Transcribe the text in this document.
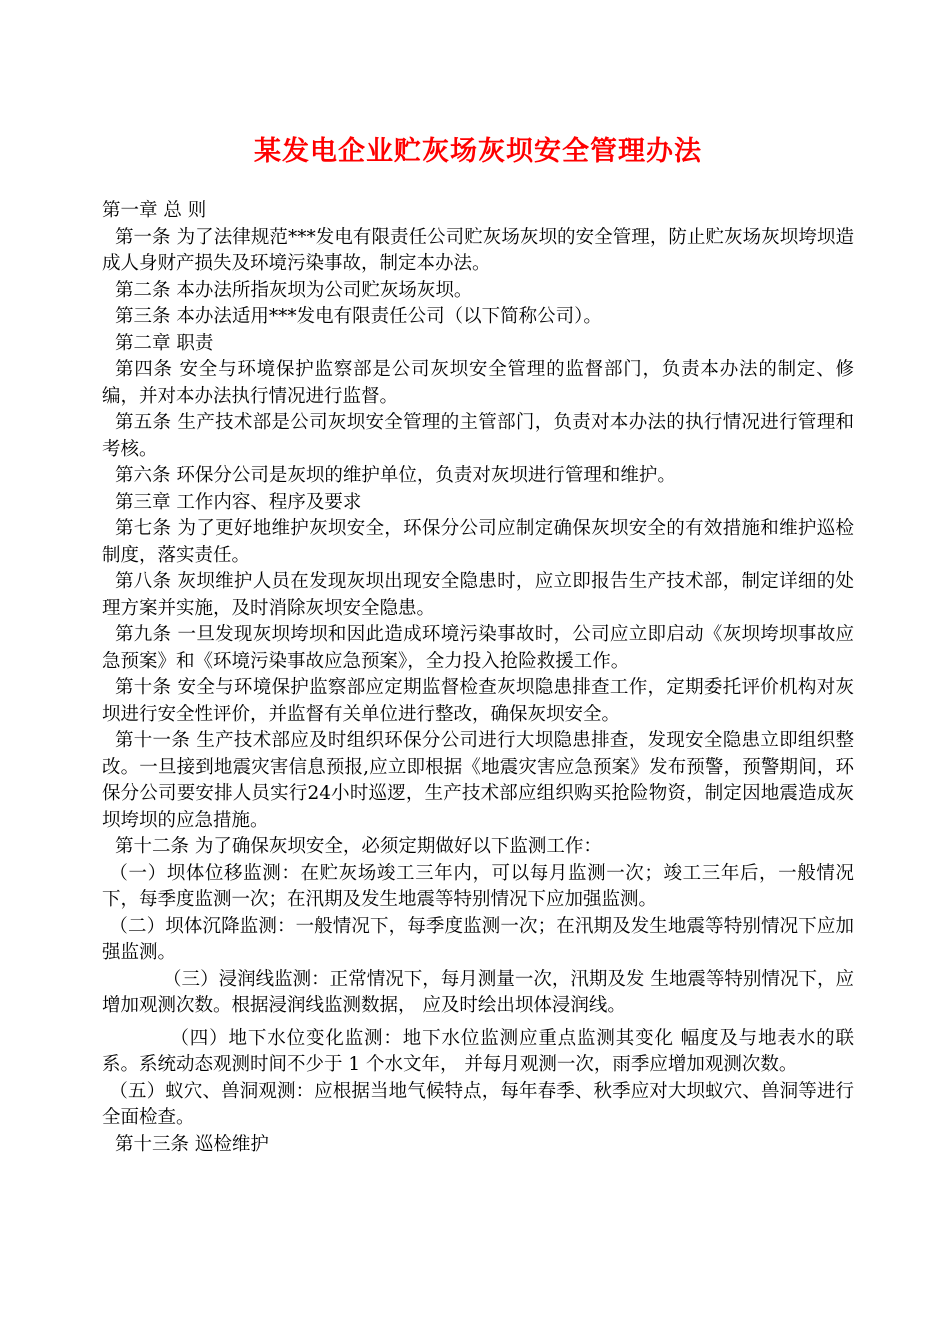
某发电企业贮灰场灰坝安全管理办法

第一章 总 则

第一条 为了法律规范***发电有限责任公司贮灰场灰坝的安全管理，防止贮灰场灰坝垮坝造成人身财产损失及环境污染事故，制定本办法。

第二条 本办法所指灰坝为公司贮灰场灰坝。

第三条 本办法适用***发电有限责任公司（以下简称公司）。

第二章 职责

第四条 安全与环境保护监察部是公司灰坝安全管理的监督部门，负责本办法的制定、修编，并对本办法执行情况进行监督。

第五条 生产技术部是公司灰坝安全管理的主管部门，负责对本办法的执行情况进行管理和考核。

第六条 环保分公司是灰坝的维护单位，负责对灰坝进行管理和维护。

第三章 工作内容、程序及要求

第七条 为了更好地维护灰坝安全，环保分公司应制定确保灰坝安全的有效措施和维护巡检制度，落实责任。

第八条 灰坝维护人员在发现灰坝出现安全隐患时，应立即报告生产技术部，制定详细的处理方案并实施，及时消除灰坝安全隐患。

第九条 一旦发现灰坝垮坝和因此造成环境污染事故时，公司应立即启动《灰坝垮坝事故应急预案》和《环境污染事故应急预案》，全力投入抢险救援工作。

第十条 安全与环境保护监察部应定期监督检查灰坝隐患排查工作，定期委托评价机构对灰坝进行安全性评价，并监督有关单位进行整改，确保灰坝安全。

第十一条 生产技术部应及时组织环保分公司进行大坝隐患排查，发现安全隐患立即组织整改。一旦接到地震灾害信息预报,应立即根据《地震灾害应急预案》发布预警，预警期间，环保分公司要安排人员实行24小时巡逻，生产技术部应组织购买抢险物资，制定因地震造成灰坝垮坝的应急措施。

第十二条 为了确保灰坝安全，必须定期做好以下监测工作：

（一）坝体位移监测：在贮灰场竣工三年内，可以每月监测一次；竣工三年后，一般情况下，每季度监测一次；在汛期及发生地震等特别情况下应加强监测。

（二）坝体沉降监测：一般情况下，每季度监测一次；在汛期及发生地震等特别情况下应加强监测。

（三）浸润线监测：正常情况下，每月测量一次，汛期及发 生地震等特别情况下，应增加观测次数。根据浸润线监测数据， 应及时绘出坝体浸润线。

（四）地下水位变化监测：地下水位监测应重点监测其变化 幅度及与地表水的联系。系统动态观测时间不少于 1 个水文年， 并每月观测一次，雨季应增加观测次数。

（五）蚁穴、兽洞观测：应根据当地气候特点，每年春季、秋季应对大坝蚁穴、兽洞等进行全面检查。

第十三条 巡检维护
